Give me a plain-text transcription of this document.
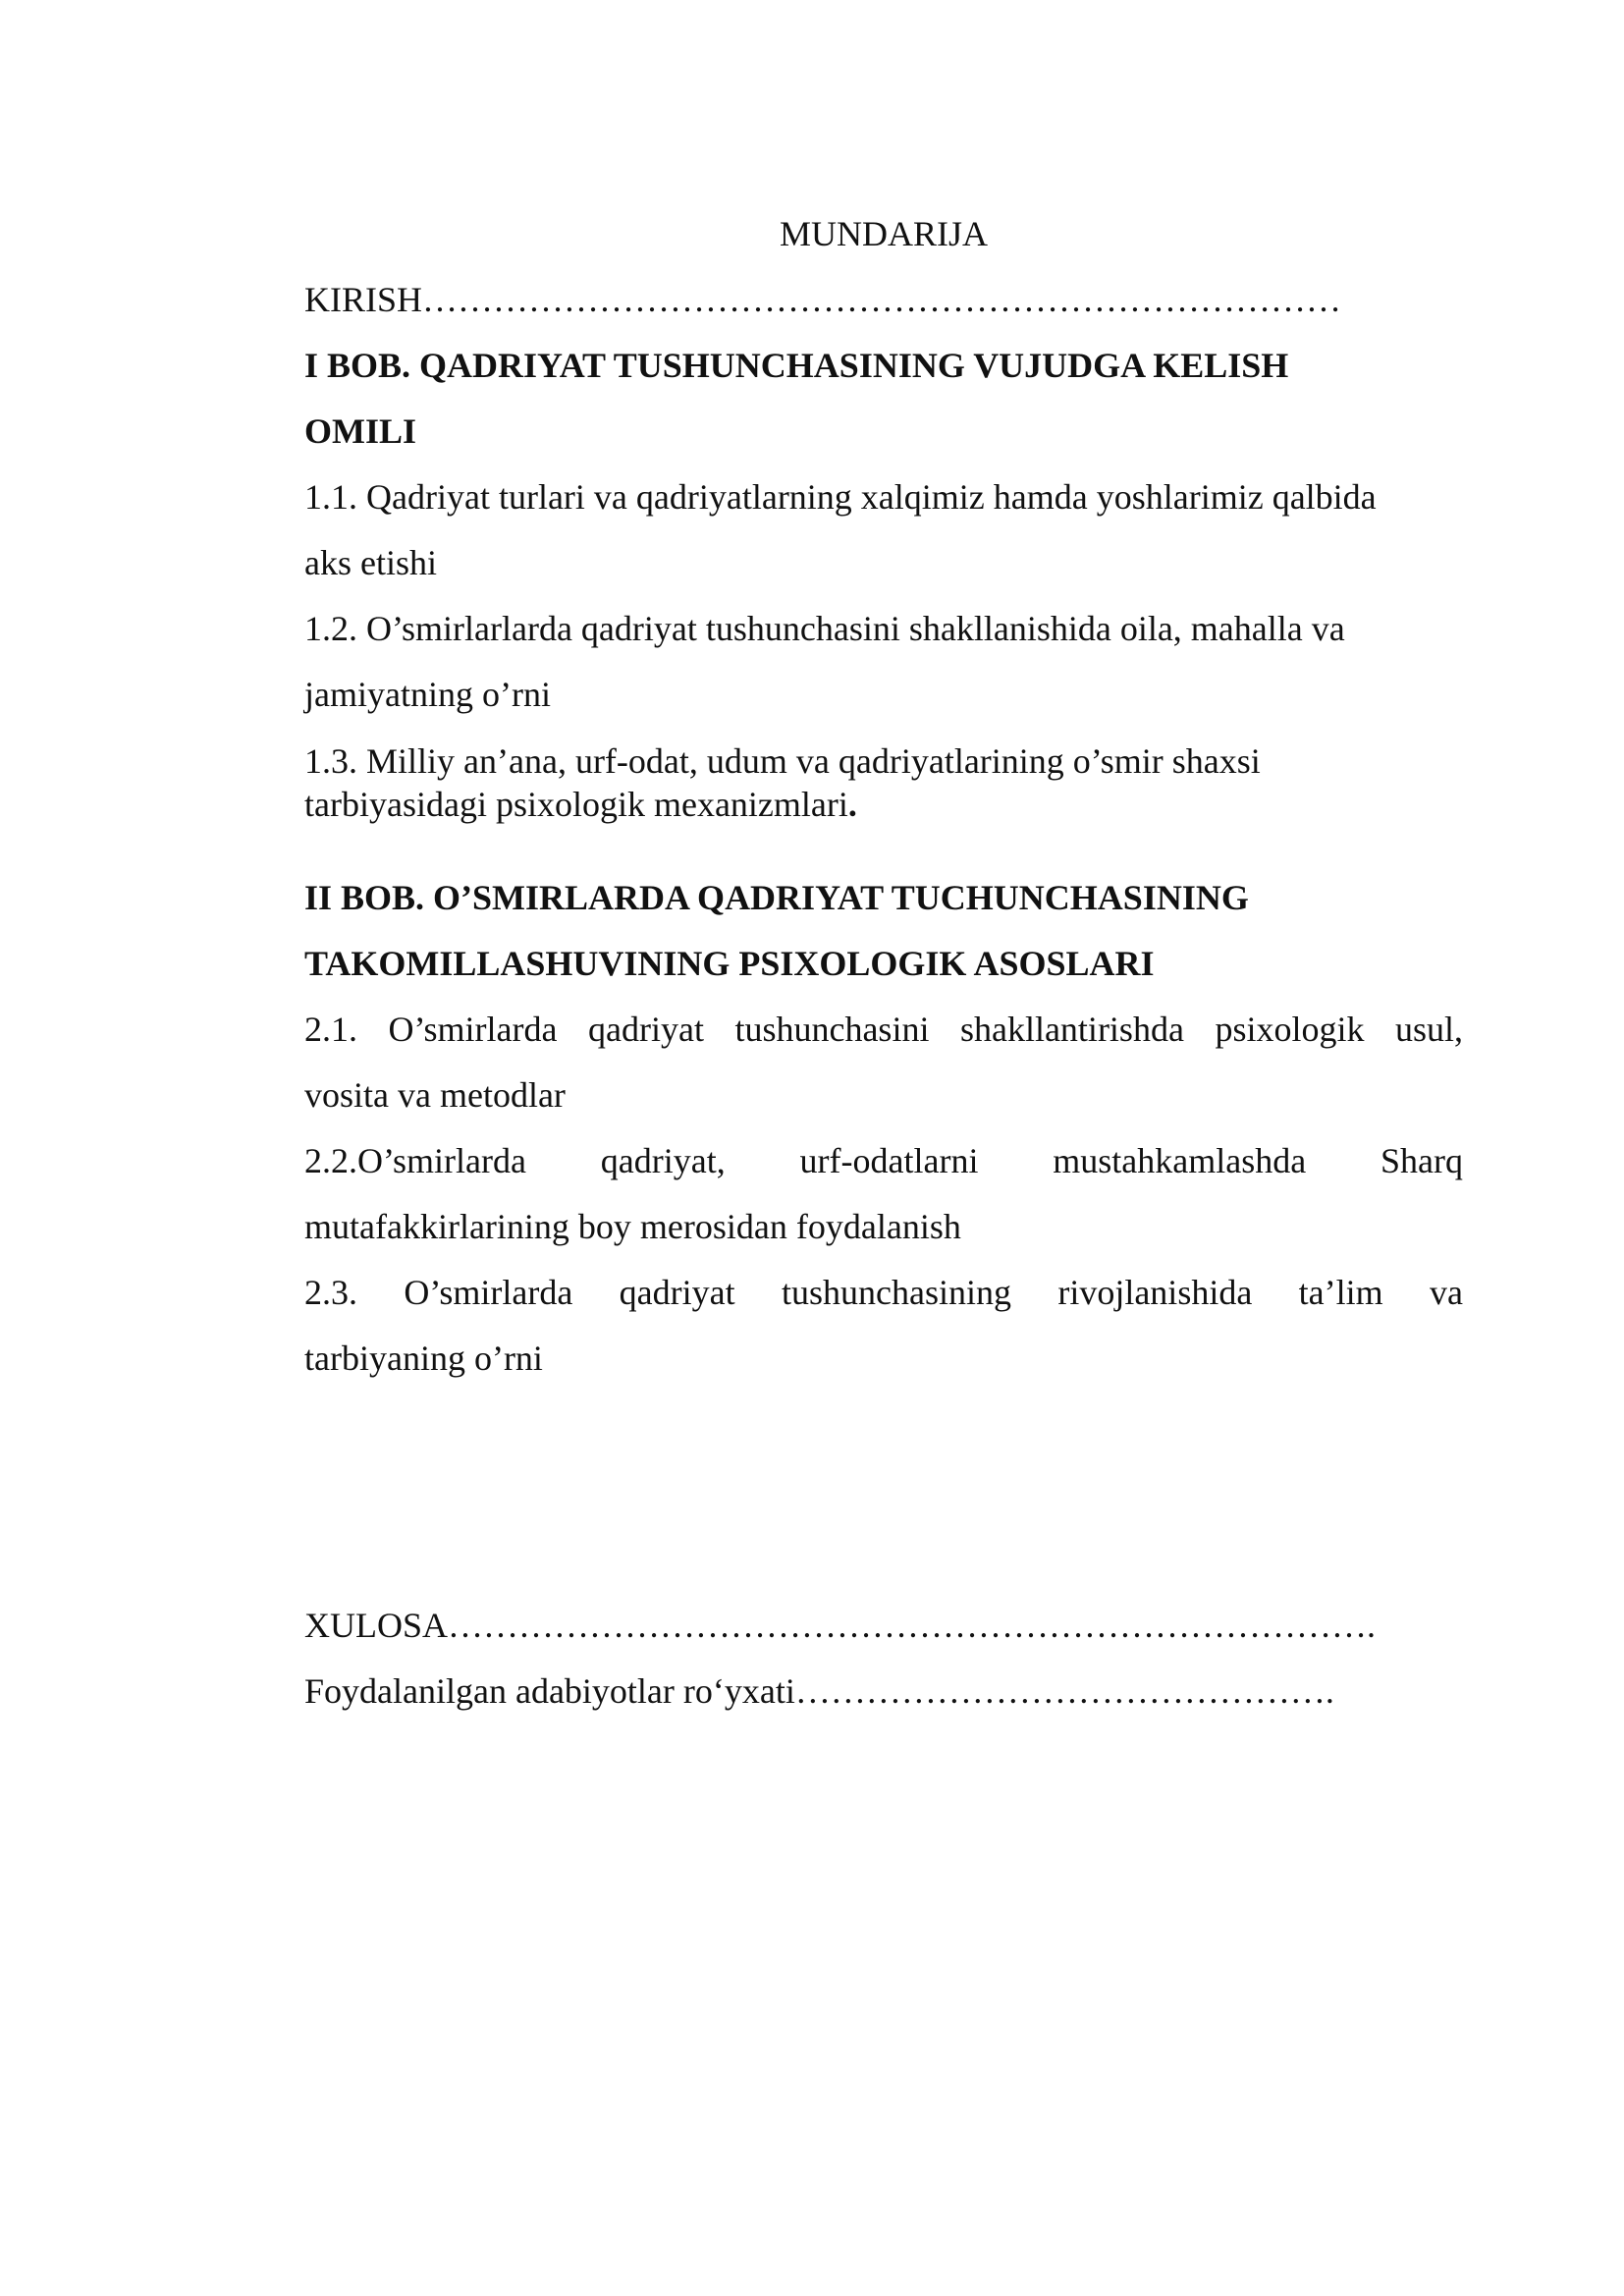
MUNDARIJA

KIRISH……………………………………………………………………

I BOB. QADRIYAT TUSHUNCHASINING VUJUDGA KELISH

OMILI

1.1. Qadriyat turlari va qadriyatlarning xalqimiz hamda yoshlarimiz qalbida

aks etishi

1.2. O’smirlarlarda qadriyat tushunchasini shakllanishida oila, mahalla va

jamiyatning o’rni

1.3. Milliy an’ana, urf-odat, udum va qadriyatlarining o’smir shaxsi

tarbiyasidagi psixologik mexanizmlari.

II BOB. O’SMIRLARDA QADRIYAT TUCHUNCHASINING

TAKOMILLASHUVINING PSIXOLOGIK ASOSLARI

2.1. O’smirlarda qadriyat tushunchasini shakllantirishda psixologik usul,

vosita va metodlar

2.2.O’smirlarda qadriyat, urf-odatlarni mustahkamlashda Sharq

mutafakkirlarining boy merosidan foydalanish

2.3. O’smirlarda qadriyat tushunchasining rivojlanishida ta’lim va

tarbiyaning o’rni

XULOSA…………………………………………………………………….

Foydalanilgan adabiyotlar ro‘yxati……………………………………….
